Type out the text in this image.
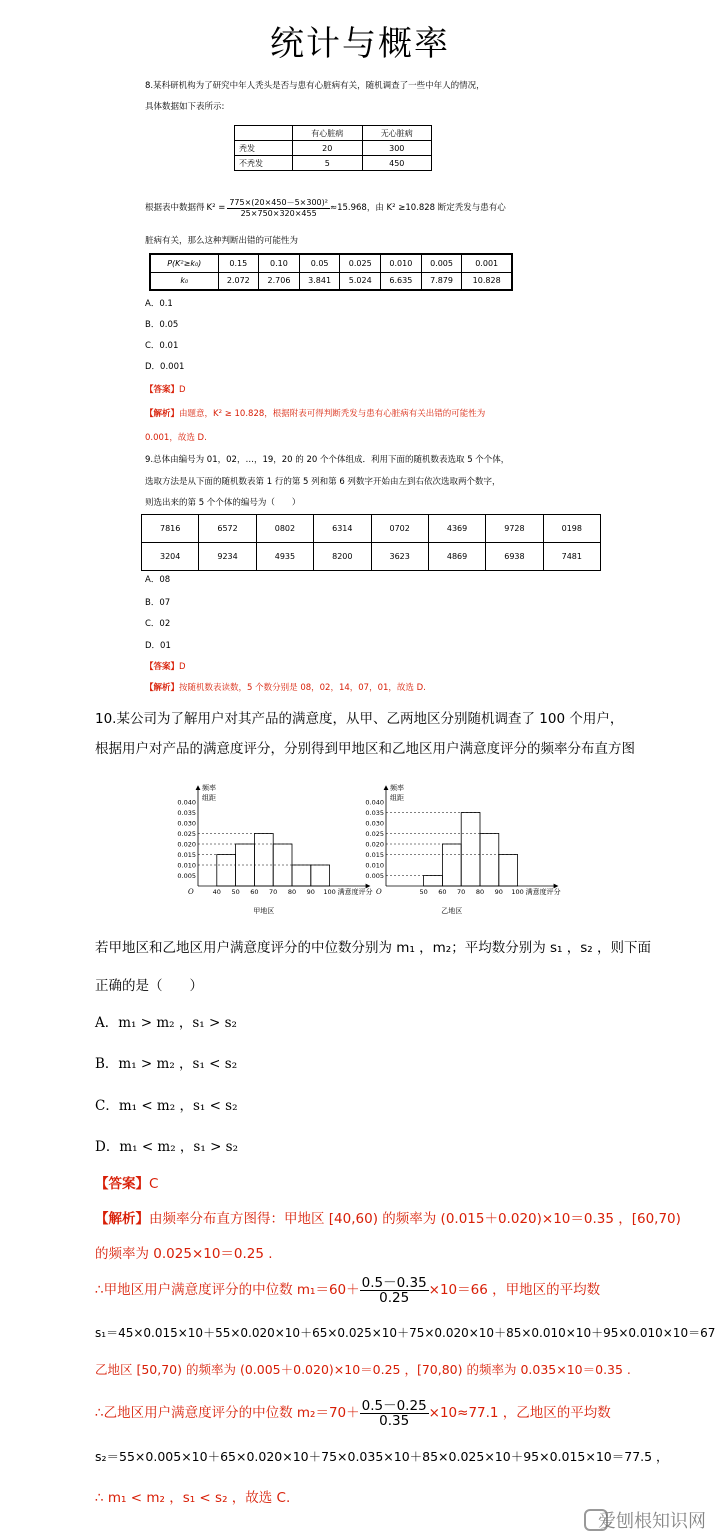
统计与概率
8.某科研机构为了研究中年人秃头是否与患有心脏病有关，随机调查了一些中年人的情况，
具体数据如下表所示:
	有心脏病	无心脏病
秃发	20	300
不秃发	5	450
根据表中数据得 $K^2 = \frac{\text{775×(20×450－5×300)²}}{25\times 750\times 320\times 455} \approx 15.968$，由 K² ≥10.828 断定秃发与患有心
脏病有关，那么这种判断出错的可能性为
P(K²≥k₀)	0.15	0.10	0.05	0.025	0.010	0.005	0.001
k₀	2.072	2.706	3.841	5.024	6.635	7.879	10.828
A．0.1
B．0.05
C．0.01
D．0.001
【答案】D
【解析】由题意，K² ≥ 10.828，根据附表可得判断秃发与患有心脏病有关出错的可能性为
0.001，故选 D.
9.总体由编号为 01，02，…，19，20 的 20 个个体组成．利用下面的随机数表选取 5 个个体，
选取方法是从下面的随机数表第 1 行的第 5 列和第 6 列数字开始由左到右依次选取两个数字，
则选出来的第 5 个个体的编号为（　　）
7816	6572	0802	6314	0702	4369	9728	0198
3204	9234	4935	8200	3623	4869	6938	7481
A．08
B．07
C．02
D．01
【答案】D
【解析】按随机数表读数，5 个数分别是 08，02，14，07，01，故选 D.
10.某公司为了解用户对其产品的满意度，从甲、乙两地区分别随机调查了 100 个用户，
根据用户对产品的满意度评分，分别得到甲地区和乙地区用户满意度评分的频率分布直方图
频率
组距
O
0.005
0.010
0.015
0.020
0.025
0.030
0.035
0.040
40 50 60 70 80 90 100 满意度评分
甲地区
频率
组距
O
0.005
0.010
0.015
0.020
0.025
0.030
0.035
0.040
50 60 70 80 90 100 满意度评分
乙地区
若甲地区和乙地区用户满意度评分的中位数分别为 m₁ ，m₂；平均数分别为 s₁ ，s₂ ，则下面
正确的是（　　）
A．m₁ > m₂ ，s₁ > s₂
B．m₁ > m₂ ，s₁ < s₂
C．m₁ < m₂ ，s₁ < s₂
D．m₁ < m₂ ，s₁ > s₂
【答案】C
【解析】由频率分布直方图得：甲地区 [40,60) 的频率为 (0.015＋0.020)×10＝0.35 ，[60,70)
的频率为 0.025×10＝0.25 .
∴甲地区用户满意度评分的中位数 $m_1=60+ \frac{0.5-0.35}{0.25} \times 10=66$ ，甲地区的平均数
s₁＝45×0.015×10＋55×0.020×10＋65×0.025×10＋75×0.020×10＋85×0.010×10＋95×0.010×10＝67
乙地区 [50,70) 的频率为 (0.005＋0.020)×10＝0.25 ，[70,80) 的频率为 0.035×10＝0.35 .
∴乙地区用户满意度评分的中位数 $m_2=70+ \frac{0.5-0.25}{0.35} \times 10\approx 77.1$ ，乙地区的平均数
s₂＝55×0.005×10＋65×0.020×10＋75×0.035×10＋85×0.025×10＋95×0.015×10＝77.5 ，
∴ m₁ < m₂ ，s₁ < s₂ ，故选 C.
爱刨根知识网
